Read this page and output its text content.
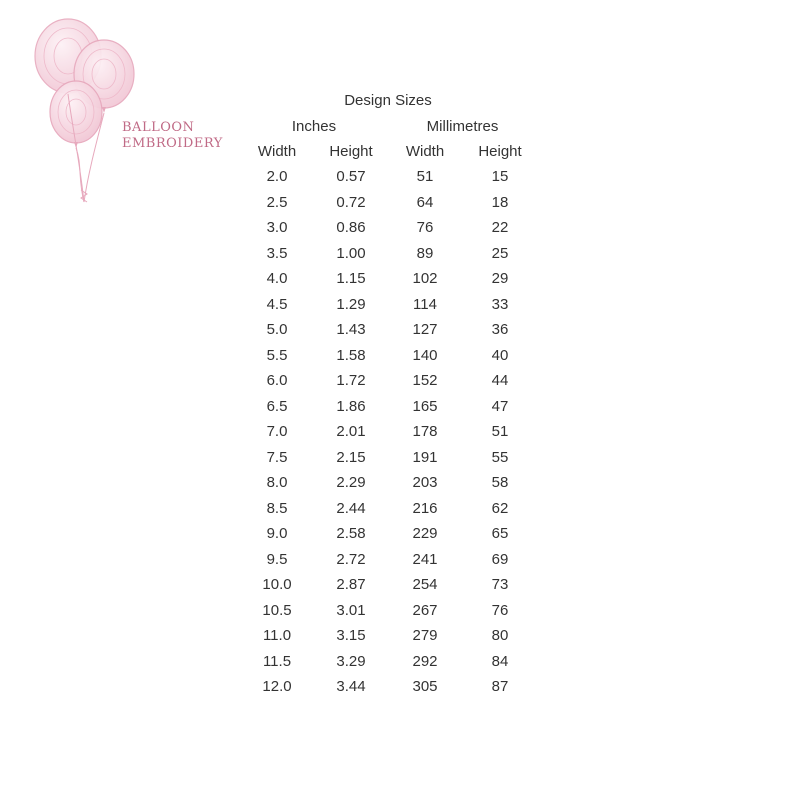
BALLOON
EMBROIDERY
Design Sizes
Inches	Millimetres
Width	Height	Width	Height
2.0	0.57	51	15
2.5	0.72	64	18
3.0	0.86	76	22
3.5	1.00	89	25
4.0	1.15	102	29
4.5	1.29	114	33
5.0	1.43	127	36
5.5	1.58	140	40
6.0	1.72	152	44
6.5	1.86	165	47
7.0	2.01	178	51
7.5	2.15	191	55
8.0	2.29	203	58
8.5	2.44	216	62
9.0	2.58	229	65
9.5	2.72	241	69
10.0	2.87	254	73
10.5	3.01	267	76
11.0	3.15	279	80
11.5	3.29	292	84
12.0	3.44	305	87
